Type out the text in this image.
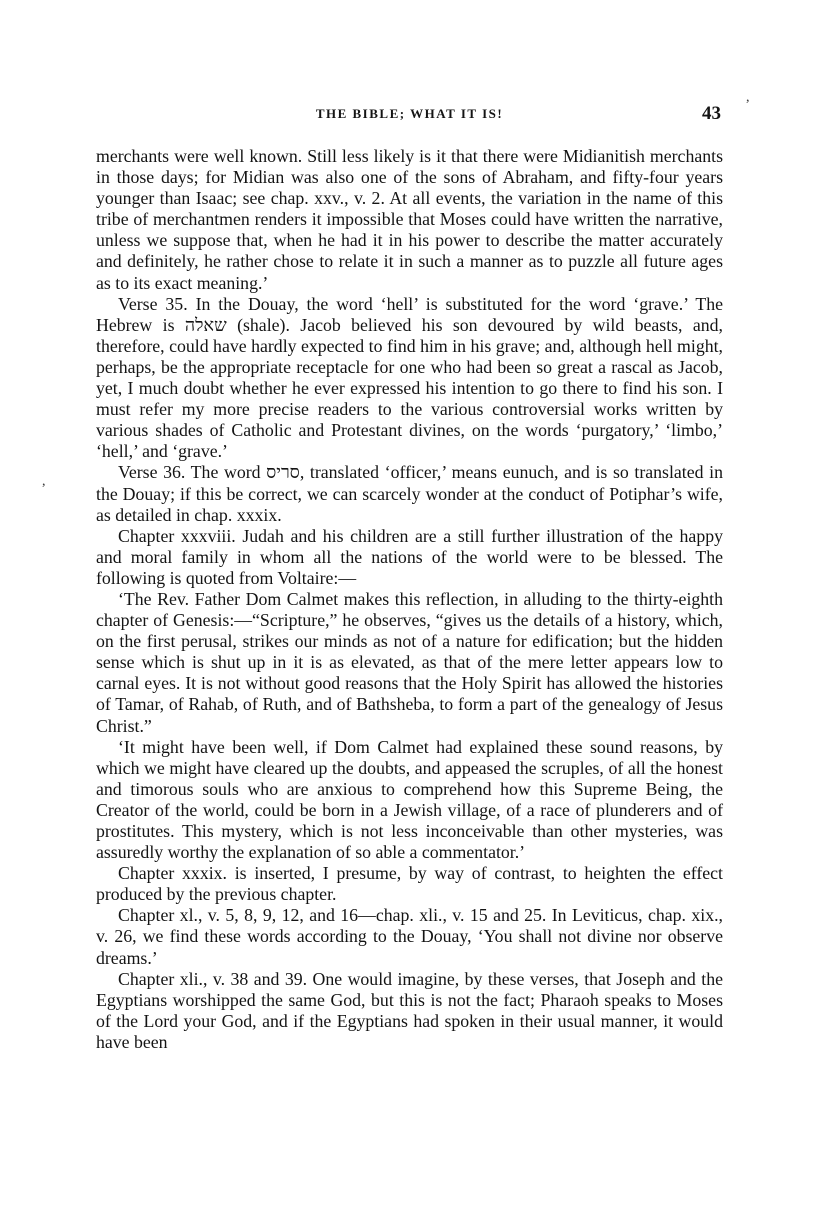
THE BIBLE; WHAT IT IS!	43

merchants were well known. Still less likely is it that there were Midianitish merchants in those days; for Midian was also one of the sons of Abraham, and fifty-four years younger than Isaac; see chap. xxv., v. 2. At all events, the variation in the name of this tribe of merchantmen renders it impossible that Moses could have written the narrative, unless we suppose that, when he had it in his power to describe the matter accurately and definitely, he rather chose to relate it in such a manner as to puzzle all future ages as to its exact meaning.’

Verse 35. In the Douay, the word ‘hell’ is substituted for the word ‘grave.’ The Hebrew is שאלה (shale). Jacob believed his son devoured by wild beasts, and, therefore, could have hardly expected to find him in his grave; and, although hell might, perhaps, be the appropriate receptacle for one who had been so great a rascal as Jacob, yet, I much doubt whether he ever expressed his intention to go there to find his son. I must refer my more precise readers to the various controversial works written by various shades of Catholic and Protestant divines, on the words ‘purgatory,’ ‘limbo,’ ‘hell,’ and ‘grave.’

Verse 36. The word סריס, translated ‘officer,’ means eunuch, and is so translated in the Douay; if this be correct, we can scarcely wonder at the conduct of Potiphar’s wife, as detailed in chap. xxxix.

Chapter xxxviii. Judah and his children are a still further illustration of the happy and moral family in whom all the nations of the world were to be blessed. The following is quoted from Voltaire:—

‘The Rev. Father Dom Calmet makes this reflection, in alluding to the thirty-eighth chapter of Genesis:—“Scripture,” he observes, “gives us the details of a history, which, on the first perusal, strikes our minds as not of a nature for edification; but the hidden sense which is shut up in it is as elevated, as that of the mere letter appears low to carnal eyes. It is not without good reasons that the Holy Spirit has allowed the histories of Tamar, of Rahab, of Ruth, and of Bathsheba, to form a part of the genealogy of Jesus Christ.”

‘It might have been well, if Dom Calmet had explained these sound reasons, by which we might have cleared up the doubts, and appeased the scruples, of all the honest and timorous souls who are anxious to comprehend how this Supreme Being, the Creator of the world, could be born in a Jewish village, of a race of plunderers and of prostitutes. This mystery, which is not less inconceivable than other mysteries, was assuredly worthy the explanation of so able a commentator.’

Chapter xxxix. is inserted, I presume, by way of contrast, to heighten the effect produced by the previous chapter.

Chapter xl., v. 5, 8, 9, 12, and 16—chap. xli., v. 15 and 25. In Leviticus, chap. xix., v. 26, we find these words according to the Douay, ‘You shall not divine nor observe dreams.’

Chapter xli., v. 38 and 39. One would imagine, by these verses, that Joseph and the Egyptians worshipped the same God, but this is not the fact; Pharaoh speaks to Moses of the Lord your God, and if the Egyptians had spoken in their usual manner, it would have been

,
,
